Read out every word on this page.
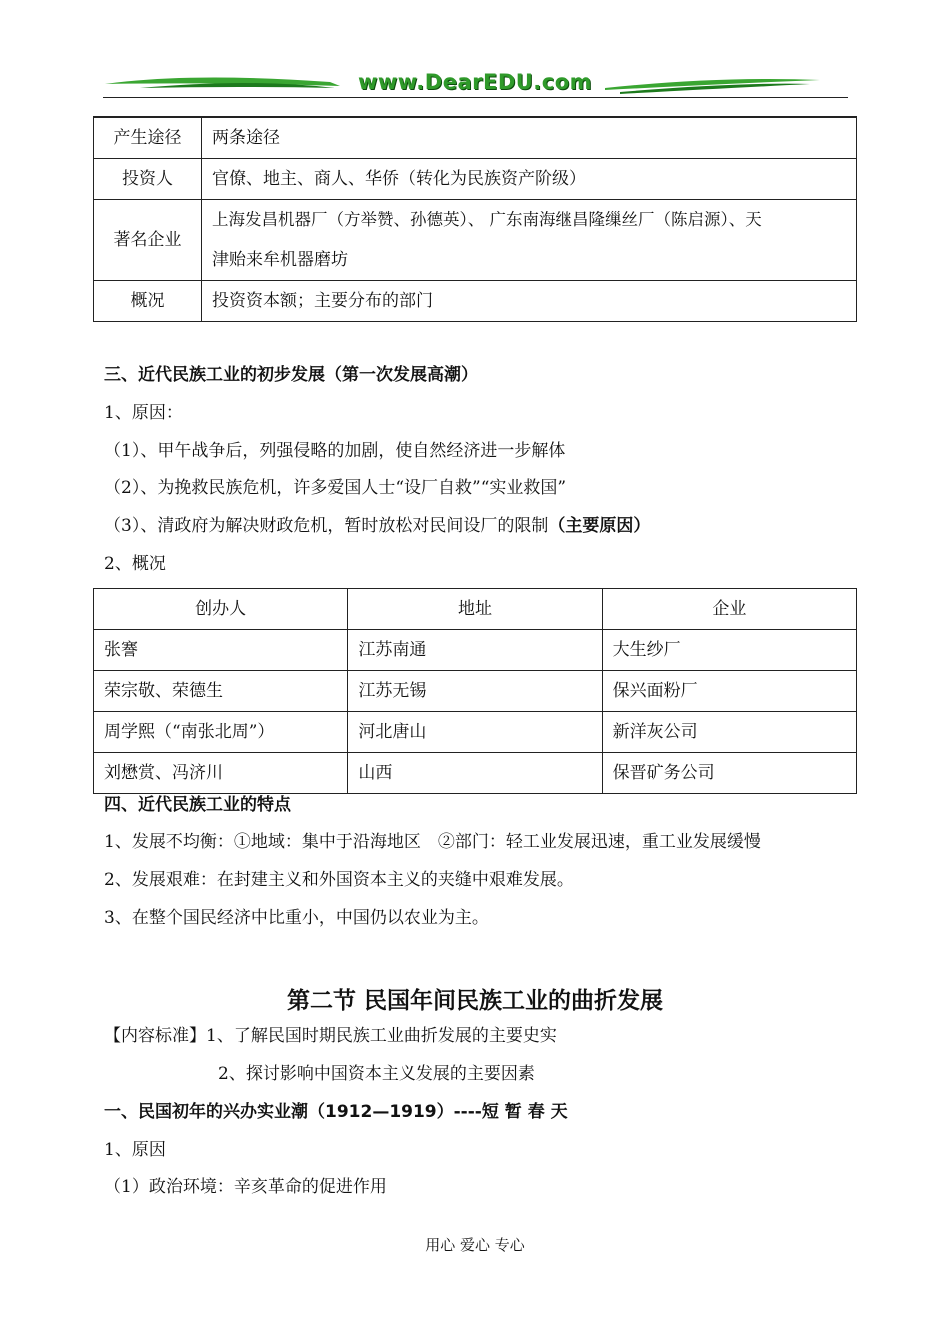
www.DearEDU.com

产生途径	两条途径
投资人	官僚、地主、商人、华侨（转化为民族资产阶级）
著名企业	上海发昌机器厂（方举赞、孙德英）、 广东南海继昌隆缫丝厂（陈启源）、天
津贻来牟机器磨坊

概况	投资资本额；主要分布的部门
三、近代民族工业的初步发展（第一次发展高潮）
1、原因：
（1）、甲午战争后，列强侵略的加剧，使自然经济进一步解体
（2）、为挽救民族危机，许多爱国人士“设厂自救”“实业救国”
（3）、清政府为解决财政危机，暂时放松对民间设厂的限制（主要原因）
2、概况
创办人	地址	企业
张謇	江苏南通	大生纱厂
荣宗敬、荣德生	江苏无锡	保兴面粉厂
周学熙（“南张北周”）	河北唐山	新洋灰公司
刘懋赏、冯济川	山西	保晋矿务公司
四、近代民族工业的特点
1、发展不均衡：①地域：集中于沿海地区　②部门：轻工业发展迅速，重工业发展缓慢
2、发展艰难：在封建主义和外国资本主义的夹缝中艰难发展。
3、在整个国民经济中比重小，中国仍以农业为主。
第二节 民国年间民族工业的曲折发展
【内容标准】1、了解民国时期民族工业曲折发展的主要史实
2、探讨影响中国资本主义发展的主要因素
一、民国初年的兴办实业潮（1912—1919）----短 暂 春 天
1、原因
（1）政治环境：辛亥革命的促进作用
用心 爱心 专心
